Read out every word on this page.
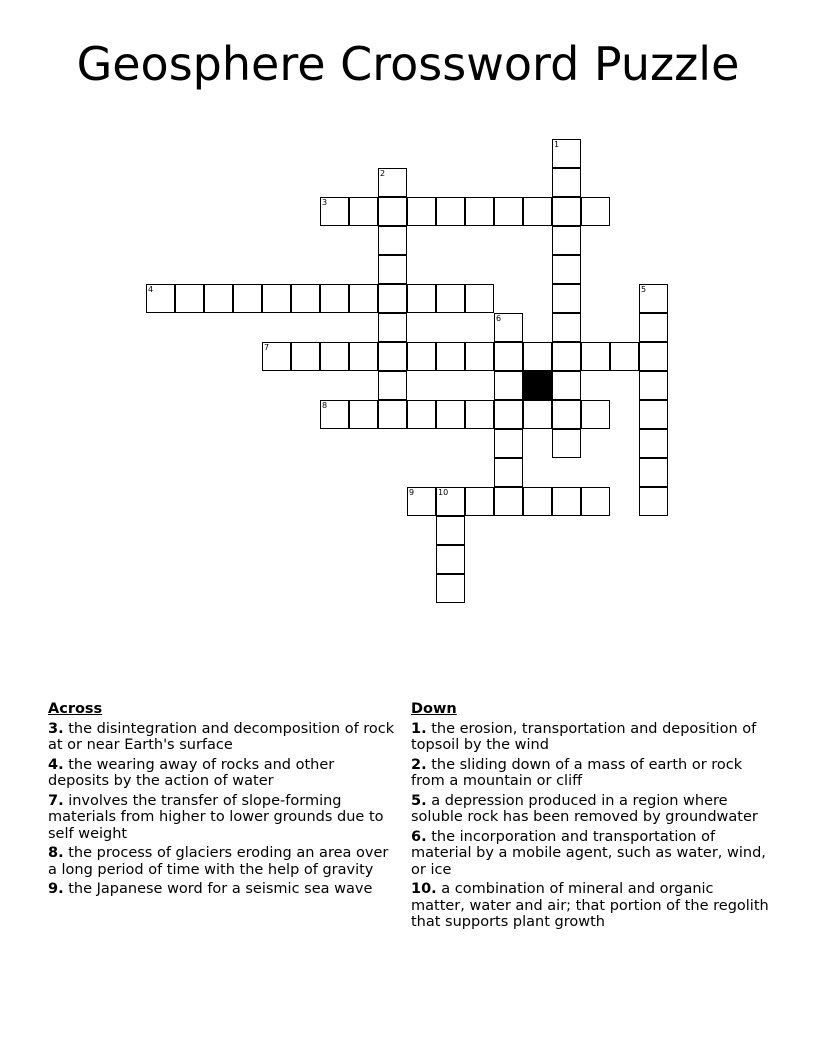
Geosphere Crossword Puzzle
1
2
3
4	5
6
7
8
9	10
Across
3. the disintegration and decomposition of rock at or near Earth's surface
4. the wearing away of rocks and other deposits by the action of water
7. involves the transfer of slope-forming materials from higher to lower grounds due to self weight
8. the process of glaciers eroding an area over a long period of time with the help of gravity
9. the Japanese word for a seismic sea wave
Down
1. the erosion, transportation and deposition of topsoil by the wind
2. the sliding down of a mass of earth or rock from a mountain or cliff
5. a depression produced in a region where soluble rock has been removed by groundwater
6. the incorporation and transportation of material by a mobile agent, such as water, wind, or ice
10. a combination of mineral and organic matter, water and air; that portion of the regolith that supports plant growth
